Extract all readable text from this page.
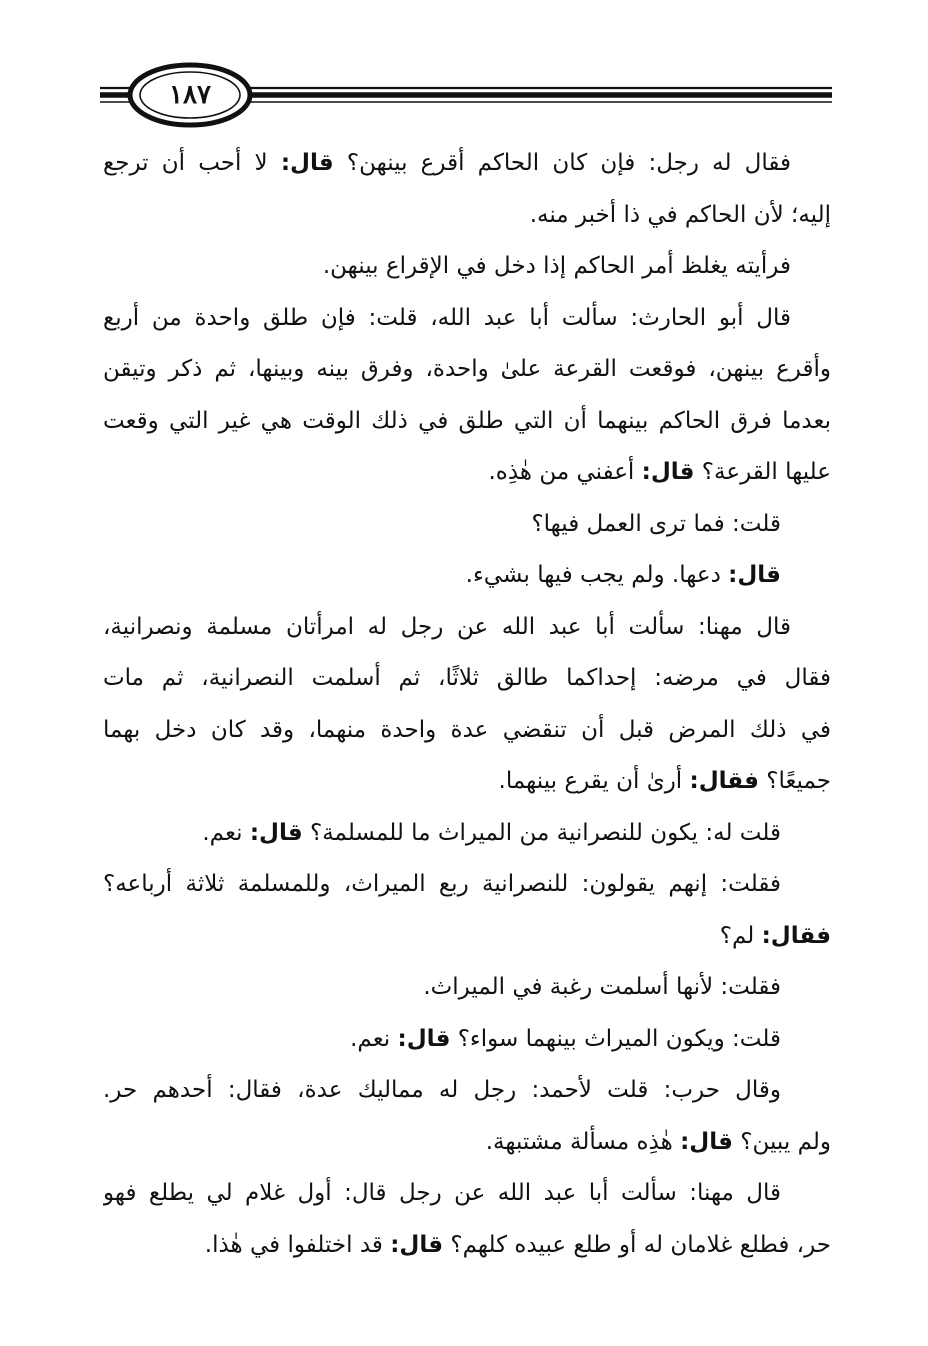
١٨٧
فقال له رجل: فإن كان الحاكم أقرع بينهن؟ قال: لا أحب أن ترجع
إليه؛ لأن الحاكم في ذا أخبر منه.
فرأيته يغلظ أمر الحاكم إذا دخل في الإقراع بينهن.
قال أبو الحارث: سألت أبا عبد الله، قلت: فإن طلق واحدة من أربع
وأقرع بينهن، فوقعت القرعة علىٰ واحدة، وفرق بينه وبينها، ثم ذكر وتيقن
بعدما فرق الحاكم بينهما أن التي طلق في ذلك الوقت هي غير التي وقعت
عليها القرعة؟ قال: أعفني من هٰذِه.
قلت: فما ترى العمل فيها؟
قال: دعها. ولم يجب فيها بشيء.
قال مهنا: سألت أبا عبد الله عن رجل له امرأتان مسلمة ونصرانية،
فقال في مرضه: إحداكما طالق ثلاثًا، ثم أسلمت النصرانية، ثم مات
في ذلك المرض قبل أن تنقضي عدة واحدة منهما، وقد كان دخل بهما
جميعًا؟ فقال: أرىٰ أن يقرع بينهما.
قلت له: يكون للنصرانية من الميراث ما للمسلمة؟ قال: نعم.
فقلت: إنهم يقولون: للنصرانية ربع الميراث، وللمسلمة ثلاثة أرباعه؟
فقال: لم؟
فقلت: لأنها أسلمت رغبة في الميراث.
قلت: ويكون الميراث بينهما سواء؟ قال: نعم.
وقال حرب: قلت لأحمد: رجل له مماليك عدة، فقال: أحدهم حر.
ولم يبين؟ قال: هٰذِه مسألة مشتبهة.
قال مهنا: سألت أبا عبد الله عن رجل قال: أول غلام لي يطلع فهو
حر، فطلع غلامان له أو طلع عبيده كلهم؟ قال: قد اختلفوا في هٰذا.
